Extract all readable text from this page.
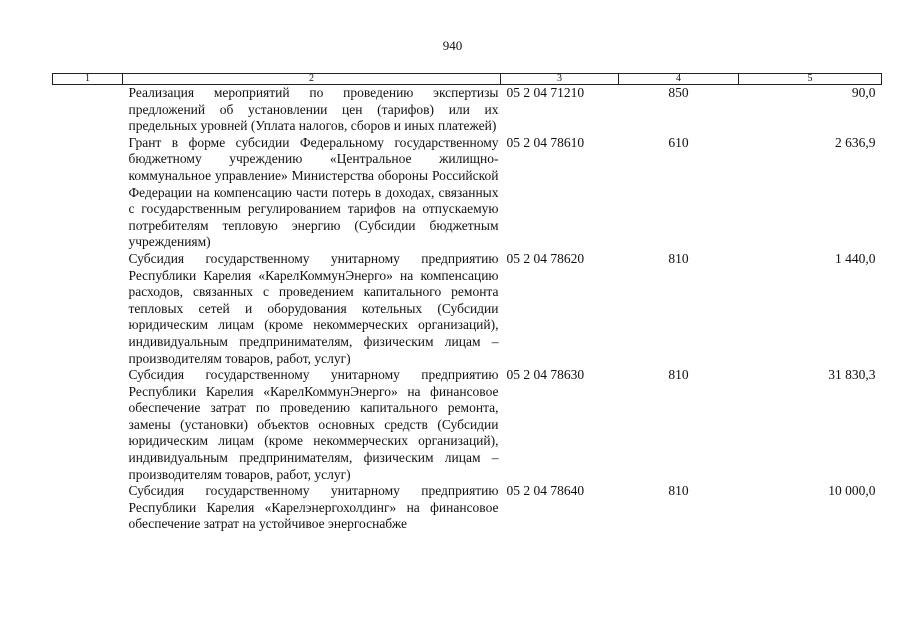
940
1	2	3	4	5
	Реализация мероприятий по проведению экспертизы предложений об установлении цен (тарифов) или их предельных уровней (Уплата налогов, сборов и иных платежей)	05 2 04 71210	850	90,0
	Грант в форме субсидии Федеральному государственному бюджетному учреждению «Центральное жилищно-коммунальное управление» Министерства обороны Российской Федерации на компенсацию части потерь в доходах, связанных с государственным регулированием тарифов на отпускаемую потребителям тепловую энергию (Субсидии бюджетным учреждениям)	05 2 04 78610	610	2 636,9
	Субсидия государственному унитарному предприятию Республики Карелия «КарелКоммунЭнерго» на компенсацию расходов, связанных с проведением капитального ремонта тепловых сетей и оборудования котельных (Субсидии юридическим лицам (кроме некоммерческих организаций), индивидуальным предпринимателям, физическим лицам – производителям товаров, работ, услуг)	05 2 04 78620	810	1 440,0
	Субсидия государственному унитарному предприятию Республики Карелия «КарелКоммунЭнерго» на финансовое обеспечение затрат по проведению капитального ремонта, замены (установки) объектов основных средств (Субсидии юридическим лицам (кроме некоммерческих организаций), индивидуальным предпринимателям, физическим лицам – производителям товаров, работ, услуг)	05 2 04 78630	810	31 830,3
	Субсидия государственному унитарному предприятию Республики Карелия «Карелэнергохолдинг» на финансовое обеспечение затрат на устойчивое энергоснабже	05 2 04 78640	810	10 000,0
